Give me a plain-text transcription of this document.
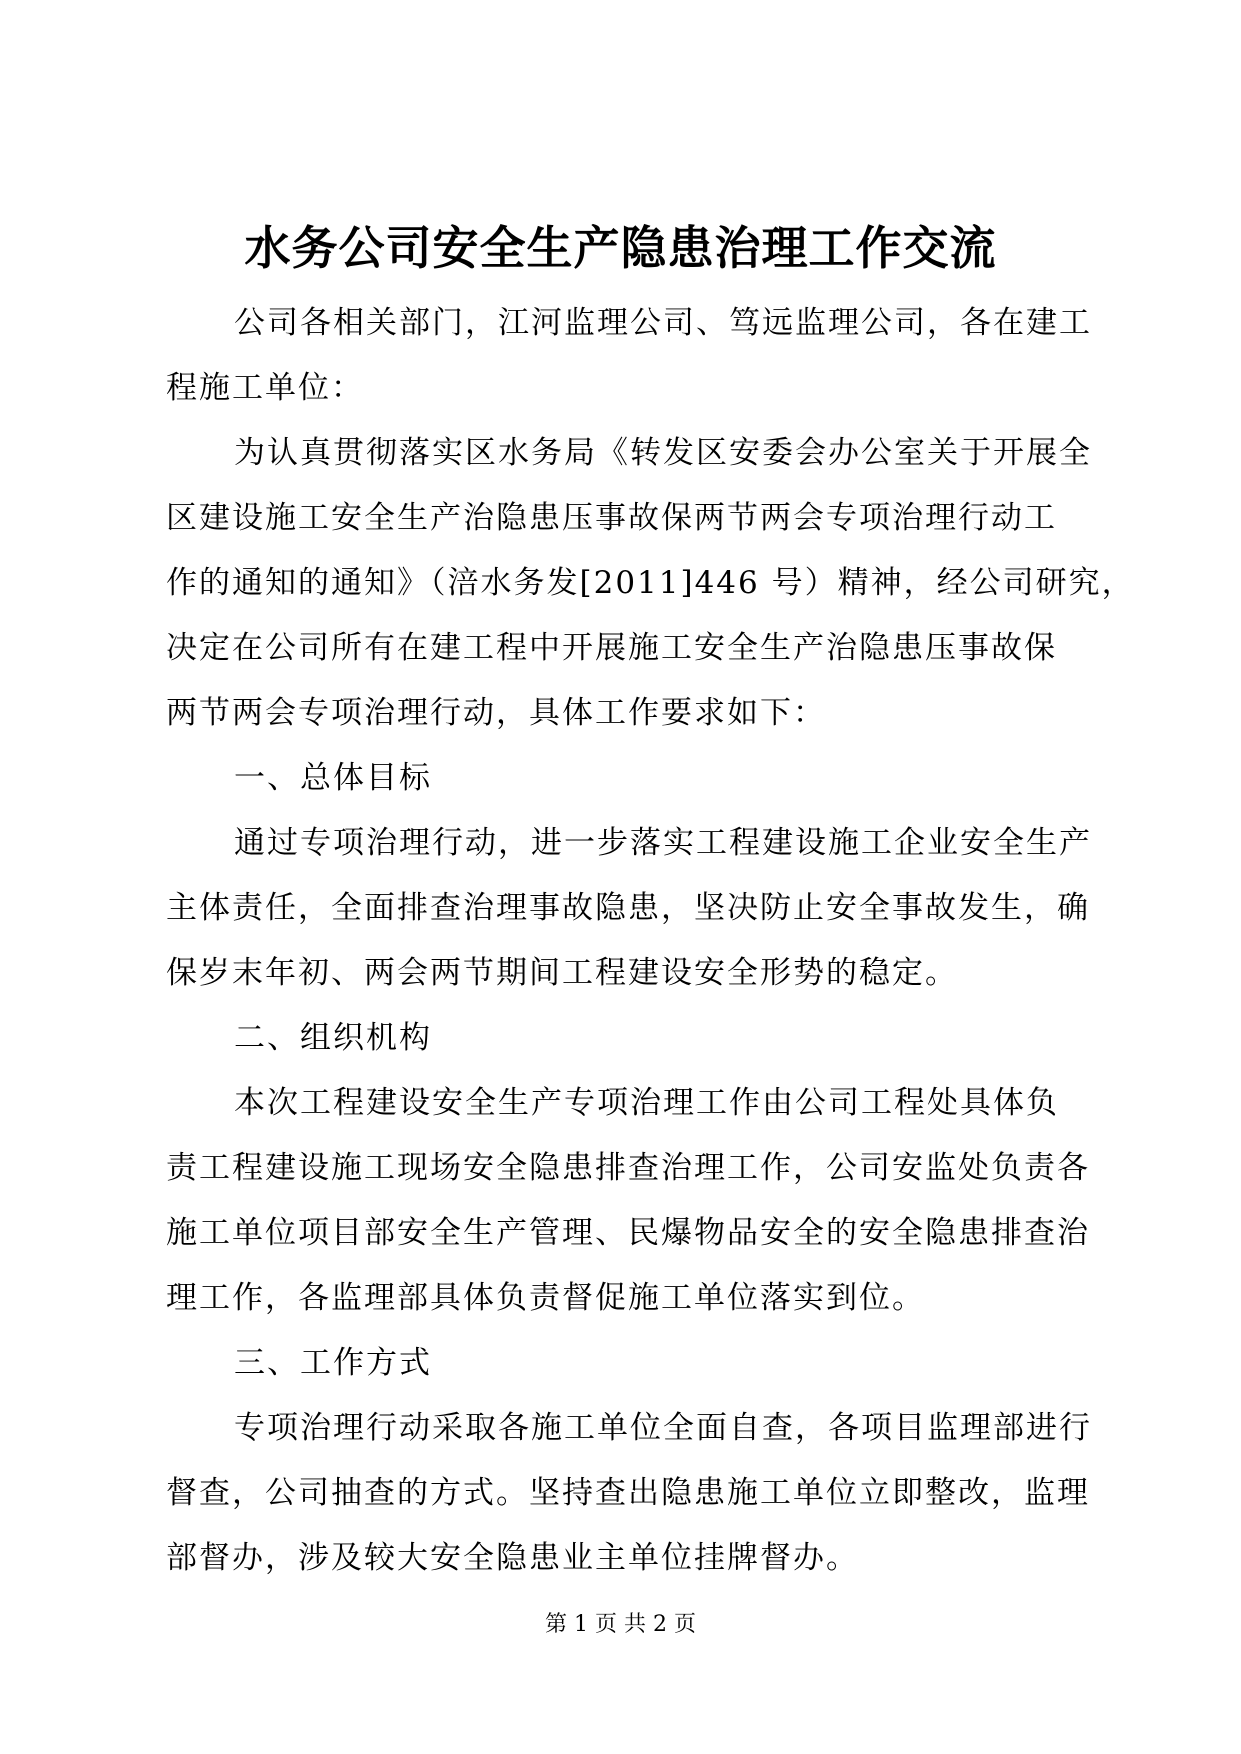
水务公司安全生产隐患治理工作交流
公司各相关部门，江河监理公司、笃远监理公司，各在建工
程施工单位：
为认真贯彻落实区水务局《转发区安委会办公室关于开展全
区建设施工安全生产治隐患压事故保两节两会专项治理行动工
作的通知的通知》（涪水务发[2011]446 号）精神，经公司研究，
决定在公司所有在建工程中开展施工安全生产治隐患压事故保
两节两会专项治理行动，具体工作要求如下：
一、总体目标
通过专项治理行动，进一步落实工程建设施工企业安全生产
主体责任，全面排查治理事故隐患，坚决防止安全事故发生，确
保岁末年初、两会两节期间工程建设安全形势的稳定。
二、组织机构
本次工程建设安全生产专项治理工作由公司工程处具体负
责工程建设施工现场安全隐患排查治理工作，公司安监处负责各
施工单位项目部安全生产管理、民爆物品安全的安全隐患排查治
理工作，各监理部具体负责督促施工单位落实到位。
三、工作方式
专项治理行动采取各施工单位全面自查，各项目监理部进行
督查，公司抽查的方式。坚持查出隐患施工单位立即整改，监理
部督办，涉及较大安全隐患业主单位挂牌督办。
第 1 页 共 2 页
